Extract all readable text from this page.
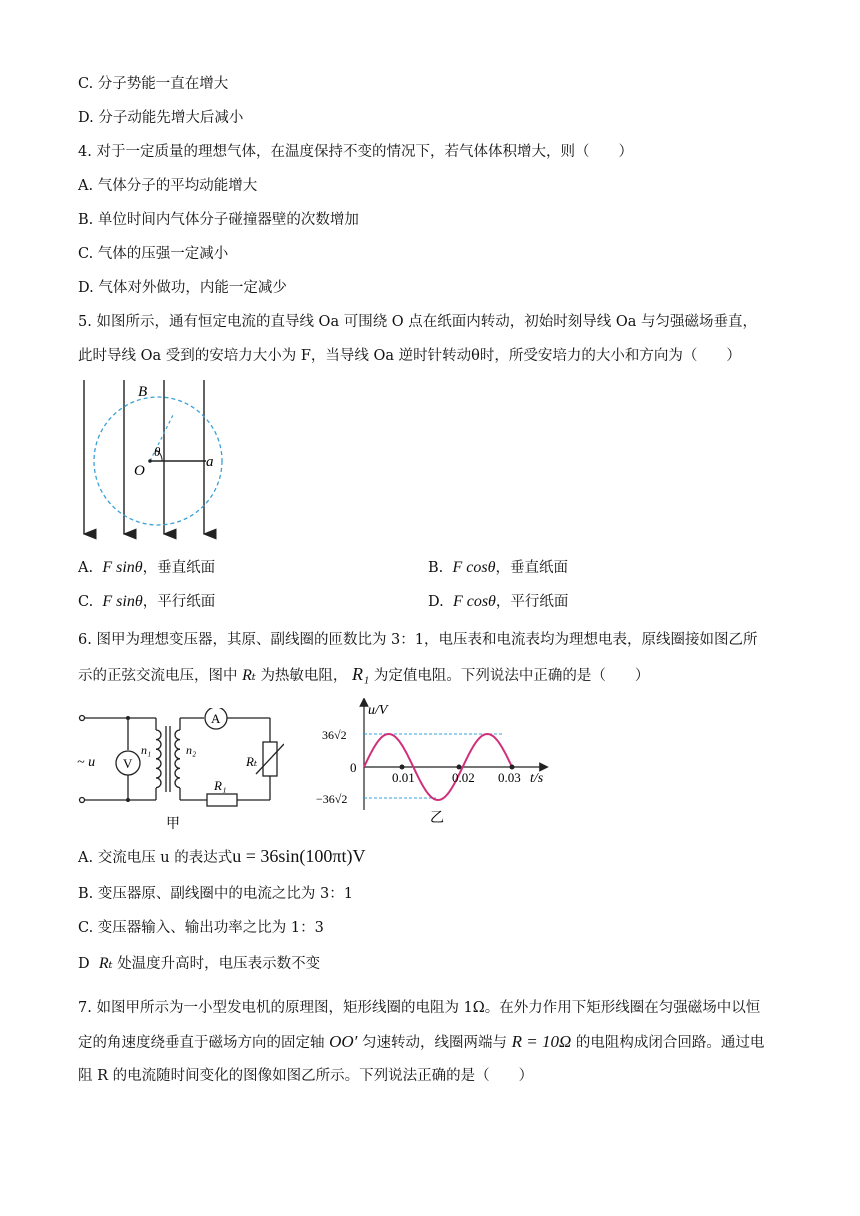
C. 分子势能一直在增大
D. 分子动能先增大后减小
4. 对于一定质量的理想气体，在温度保持不变的情况下，若气体体积增大，则（　　）
A. 气体分子的平均动能增大
B. 单位时间内气体分子碰撞器壁的次数增加
C. 气体的压强一定减小
D. 气体对外做功，内能一定减少
5. 如图所示，通有恒定电流的直导线 Oa 可围绕 O 点在纸面内转动，初始时刻导线 Oa 与匀强磁场垂直，
此时导线 Oa 受到的安培力大小为 F，当导线 Oa 逆时针转动θ时，所受安培力的大小和方向为（　　）
B
θ
O
a
A. F sinθ，垂直纸面	B. F cosθ，垂直纸面
C. F sinθ，平行纸面	D. F cosθ，平行纸面
6. 图甲为理想变压器，其原、副线圈的匝数比为 3：1，电压表和电流表均为理想电表，原线圈接如图乙所
示的正弦交流电压，图中 Rₜ 为热敏电阻， R₁ 为定值电阻。下列说法中正确的是（　　）
~ u V
A
n₁	n₂
Rₜ
R₁
甲
u/V
36√2
0
−36√2
0.01	0.02 0.03 t/s
乙
A. 交流电压 u 的表达式u = 36sin(100πt)V
B. 变压器原、副线圈中的电流之比为 3：1
C. 变压器输入、输出功率之比为 1：3
D Rₜ 处温度升高时，电压表示数不变
7. 如图甲所示为一小型发电机的原理图，矩形线圈的电阻为 1Ω。在外力作用下矩形线圈在匀强磁场中以恒
定的角速度绕垂直于磁场方向的固定轴 OO′ 匀速转动，线圈两端与 R = 10Ω 的电阻构成闭合回路。通过电
阻 R 的电流随时间变化的图像如图乙所示。下列说法正确的是（　　）
